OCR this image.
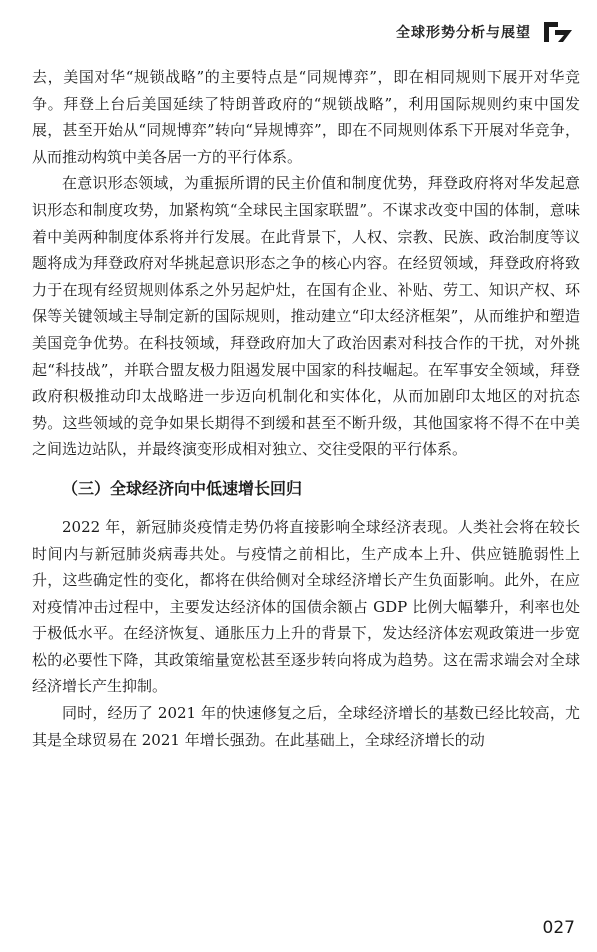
全球形势分析与展望

去，美国对华“规锁战略”的主要特点是“同规博弈”，即在相同规则下展开对华竞争。拜登上台后美国延续了特朗普政府的“规锁战略”，利用国际规则约束中国发展，甚至开始从“同规博弈”转向“异规博弈”，即在不同规则体系下开展对华竞争，从而推动构筑中美各居一方的平行体系。

在意识形态领域，为重振所谓的民主价值和制度优势，拜登政府将对华发起意识形态和制度攻势，加紧构筑“全球民主国家联盟”。不谋求改变中国的体制，意味着中美两种制度体系将并行发展。在此背景下，人权、宗教、民族、政治制度等议题将成为拜登政府对华挑起意识形态之争的核心内容。在经贸领域，拜登政府将致力于在现有经贸规则体系之外另起炉灶，在国有企业、补贴、劳工、知识产权、环保等关键领域主导制定新的国际规则，推动建立“印太经济框架”，从而维护和塑造美国竞争优势。在科技领域，拜登政府加大了政治因素对科技合作的干扰，对外挑起“科技战”，并联合盟友极力阻遏发展中国家的科技崛起。在军事安全领域，拜登政府积极推动印太战略进一步迈向机制化和实体化，从而加剧印太地区的对抗态势。这些领域的竞争如果长期得不到缓和甚至不断升级，其他国家将不得不在中美之间选边站队，并最终演变形成相对独立、交往受限的平行体系。

（三）全球经济向中低速增长回归

2022 年，新冠肺炎疫情走势仍将直接影响全球经济表现。人类社会将在较长时间内与新冠肺炎病毒共处。与疫情之前相比，生产成本上升、供应链脆弱性上升，这些确定性的变化，都将在供给侧对全球经济增长产生负面影响。此外，在应对疫情冲击过程中，主要发达经济体的国债余额占 GDP 比例大幅攀升，利率也处于极低水平。在经济恢复、通胀压力上升的背景下，发达经济体宏观政策进一步宽松的必要性下降，其政策缩量宽松甚至逐步转向将成为趋势。这在需求端会对全球经济增长产生抑制。

同时，经历了 2021 年的快速修复之后，全球经济增长的基数已经比较高，尤其是全球贸易在 2021 年增长强劲。在此基础上，全球经济增长的动

027
